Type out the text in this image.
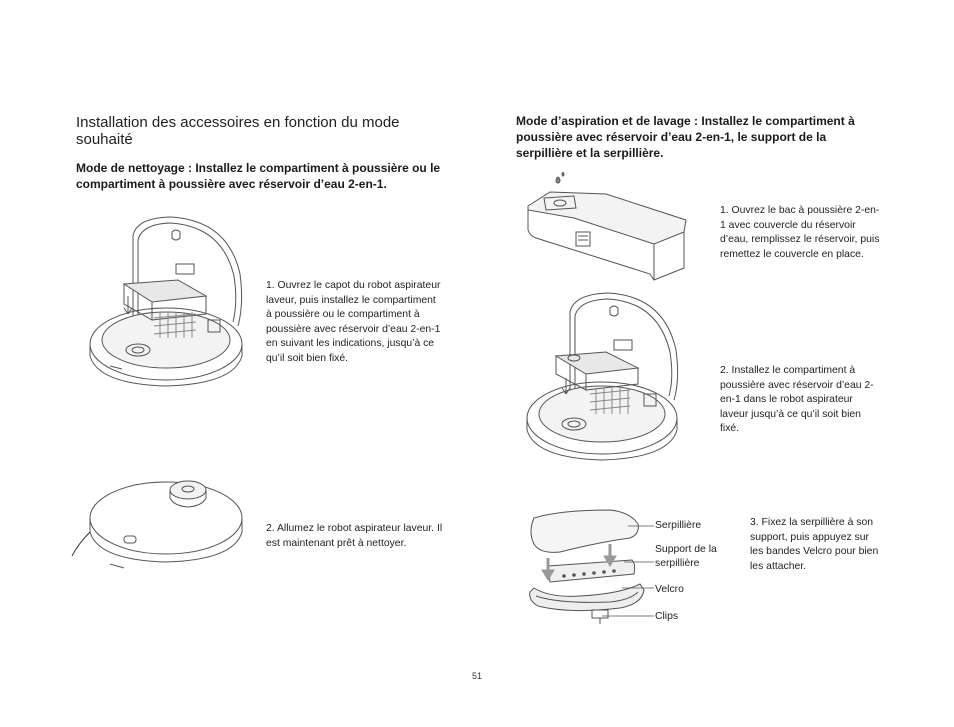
Installation des accessoires en fonction du mode souhaité
Mode de nettoyage : Installez le compartiment à poussière ou le compartiment à poussière avec réservoir d’eau 2-en-1.
1. Ouvrez le capot du robot aspirateur laveur, puis installez le compartiment à poussière ou le compartiment à poussière avec réservoir d’eau 2-en-1 en suivant les indications, jusqu’à ce qu’il soit bien fixé.
2. Allumez le robot aspirateur laveur. Il est maintenant prêt à nettoyer.
Mode d’aspiration et de lavage : Installez le compartiment à poussière avec réservoir d’eau 2-en-1, le support de la serpillière et la serpillière.
1. Ouvrez le bac à poussière 2-en-1 avec couvercle du réservoir d’eau, remplissez le réservoir, puis remettez le couvercle en place.
2. Installez le compartiment à poussière avec réservoir d’eau 2-en-1 dans le robot aspirateur laveur jusqu’à ce qu’il soit bien fixé.
Serpillière
Support de la serpillière
Velcro
Clips
3. Fixez la serpillière à son support, puis appuyez sur les bandes Velcro pour bien les attacher.
51
